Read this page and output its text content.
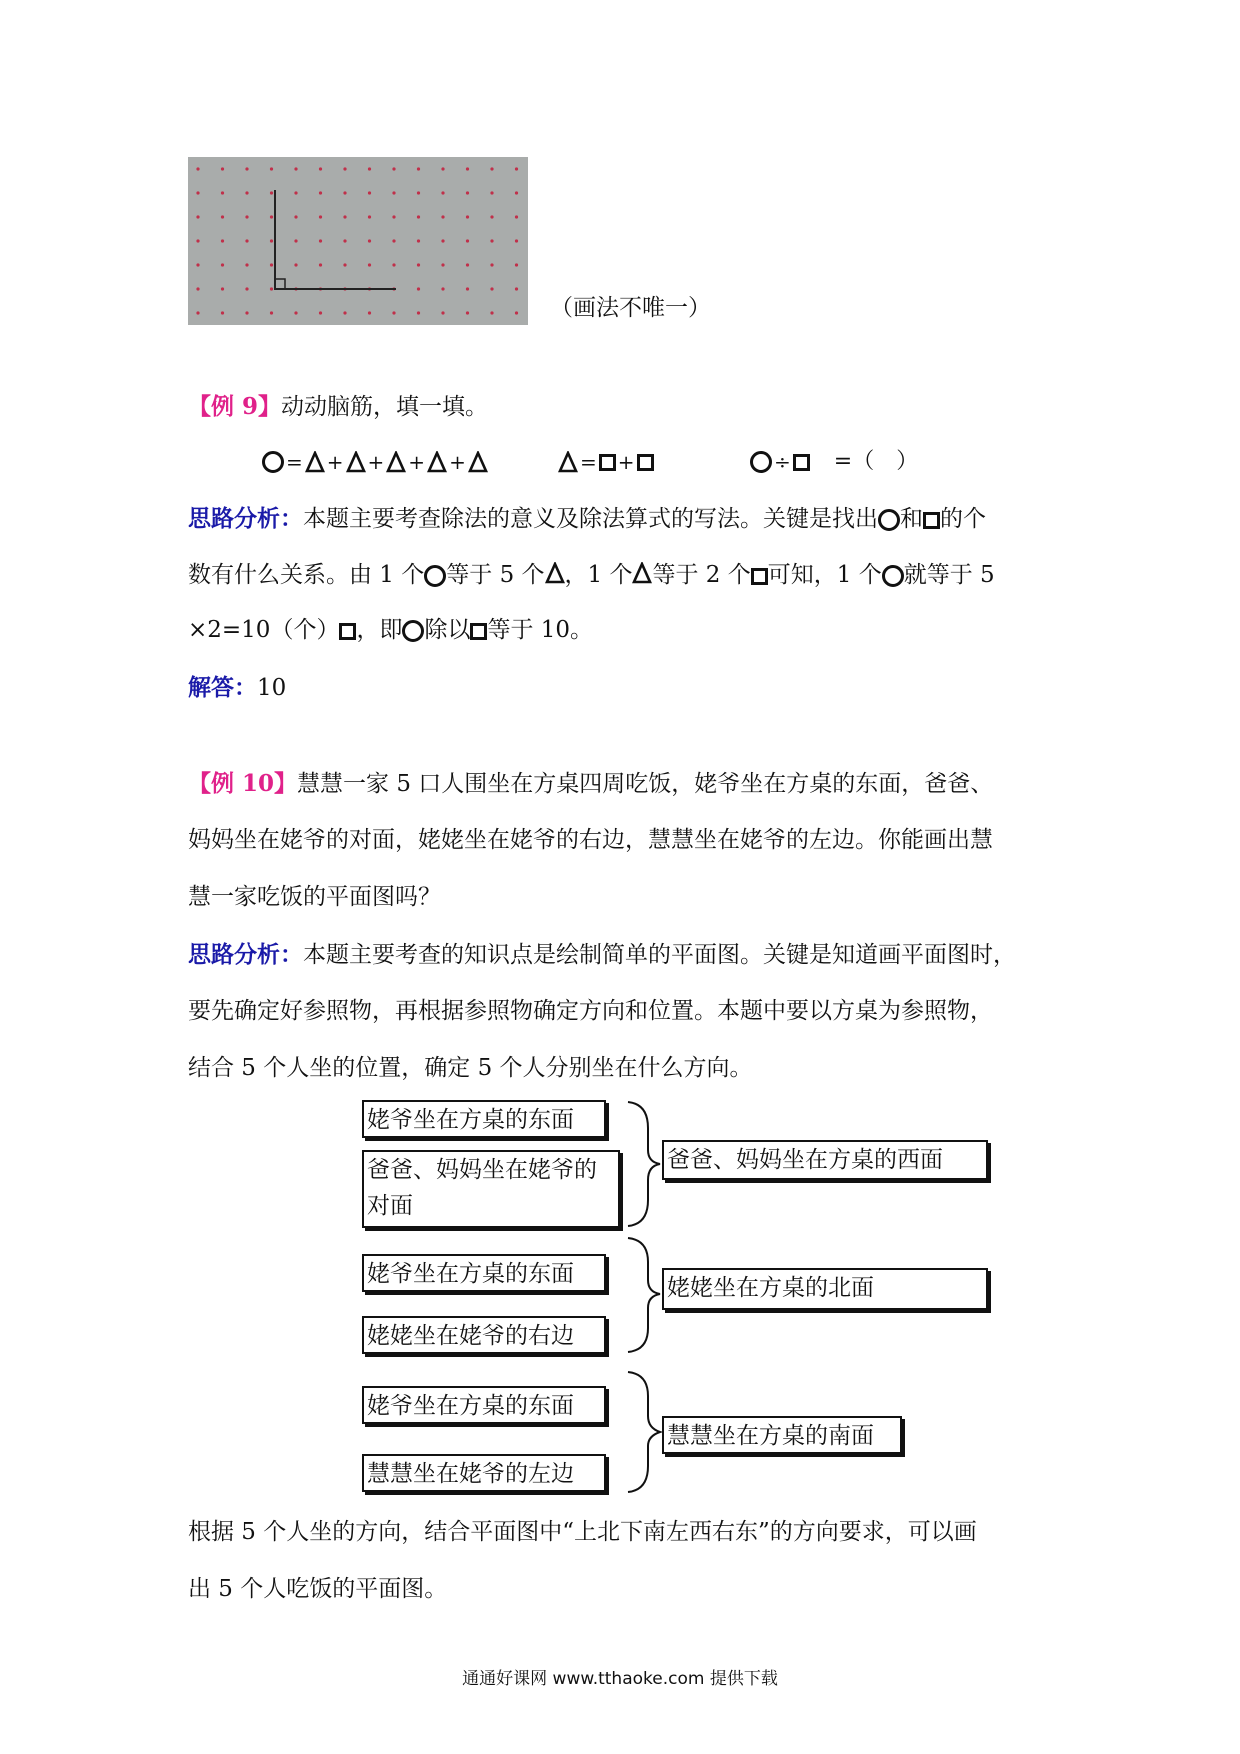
（画法不唯一）
【例 9】动动脑筋，填一填。
= + + + +	= +	÷ =（　）
思路分析：本题主要考查除法的意义及除法算式的写法。关键是找出 和 的个
数有什么关系。由 1 个 等于 5 个 ，1 个 等于 2 个 可知，1 个 就等于 5
×2=10（个） ，即 除以 等于 10。
解答：10
【例 10】慧慧一家 5 口人围坐在方桌四周吃饭，姥爷坐在方桌的东面，爸爸、
妈妈坐在姥爷的对面，姥姥坐在姥爷的右边，慧慧坐在姥爷的左边。你能画出慧
慧一家吃饭的平面图吗？
思路分析：本题主要考查的知识点是绘制简单的平面图。关键是知道画平面图时，
要先确定好参照物，再根据参照物确定方向和位置。本题中要以方桌为参照物，
结合 5 个人坐的位置，确定 5 个人分别坐在什么方向。
姥爷坐在方桌的东面
爸爸、妈妈坐在姥爷的对面
爸爸、妈妈坐在方桌的西面
姥爷坐在方桌的东面
姥姥坐在姥爷的右边
姥姥坐在方桌的北面
姥爷坐在方桌的东面
慧慧坐在姥爷的左边
慧慧坐在方桌的南面
根据 5 个人坐的方向，结合平面图中“上北下南左西右东”的方向要求，可以画
出 5 个人吃饭的平面图。
通通好课网 www.tthaoke.com 提供下载
